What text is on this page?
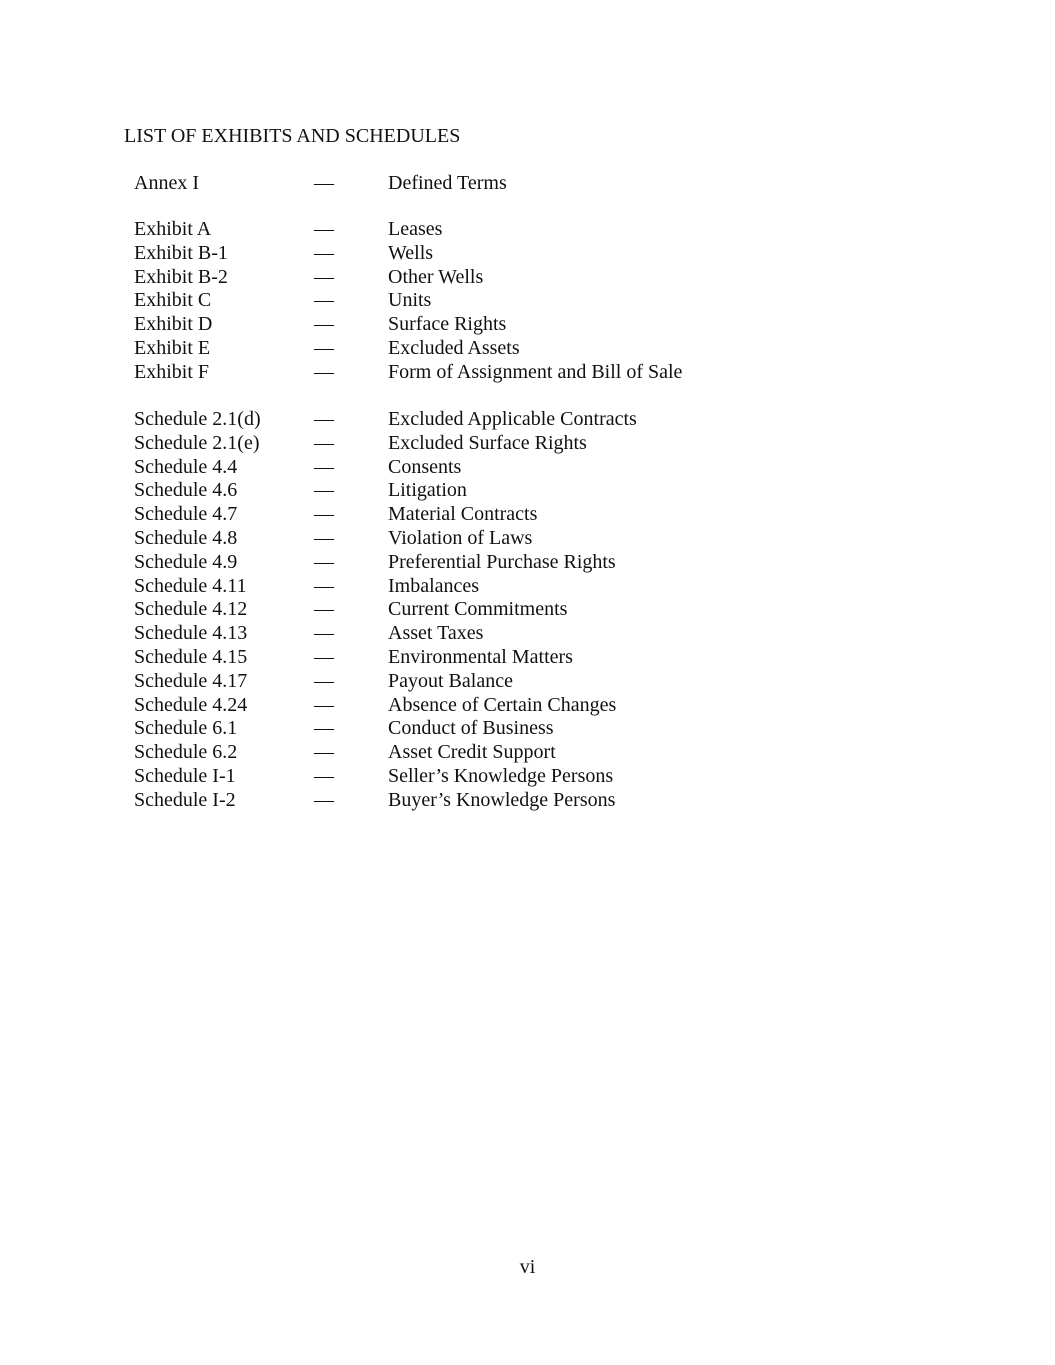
LIST OF EXHIBITS AND SCHEDULES
Annex I	—	Defined Terms
Exhibit A	—	Leases
Exhibit B-1	—	Wells
Exhibit B-2	—	Other Wells
Exhibit C	—	Units
Exhibit D	—	Surface Rights
Exhibit E	—	Excluded Assets
Exhibit F	—	Form of Assignment and Bill of Sale
Schedule 2.1(d)	—	Excluded Applicable Contracts
Schedule 2.1(e)	—	Excluded Surface Rights
Schedule 4.4	—	Consents
Schedule 4.6	—	Litigation
Schedule 4.7	—	Material Contracts
Schedule 4.8	—	Violation of Laws
Schedule 4.9	—	Preferential Purchase Rights
Schedule 4.11	—	Imbalances
Schedule 4.12	—	Current Commitments
Schedule 4.13	—	Asset Taxes
Schedule 4.15	—	Environmental Matters
Schedule 4.17	—	Payout Balance
Schedule 4.24	—	Absence of Certain Changes
Schedule 6.1	—	Conduct of Business
Schedule 6.2	—	Asset Credit Support
Schedule I-1	—	Seller’s Knowledge Persons
Schedule I-2	—	Buyer’s Knowledge Persons
vi
